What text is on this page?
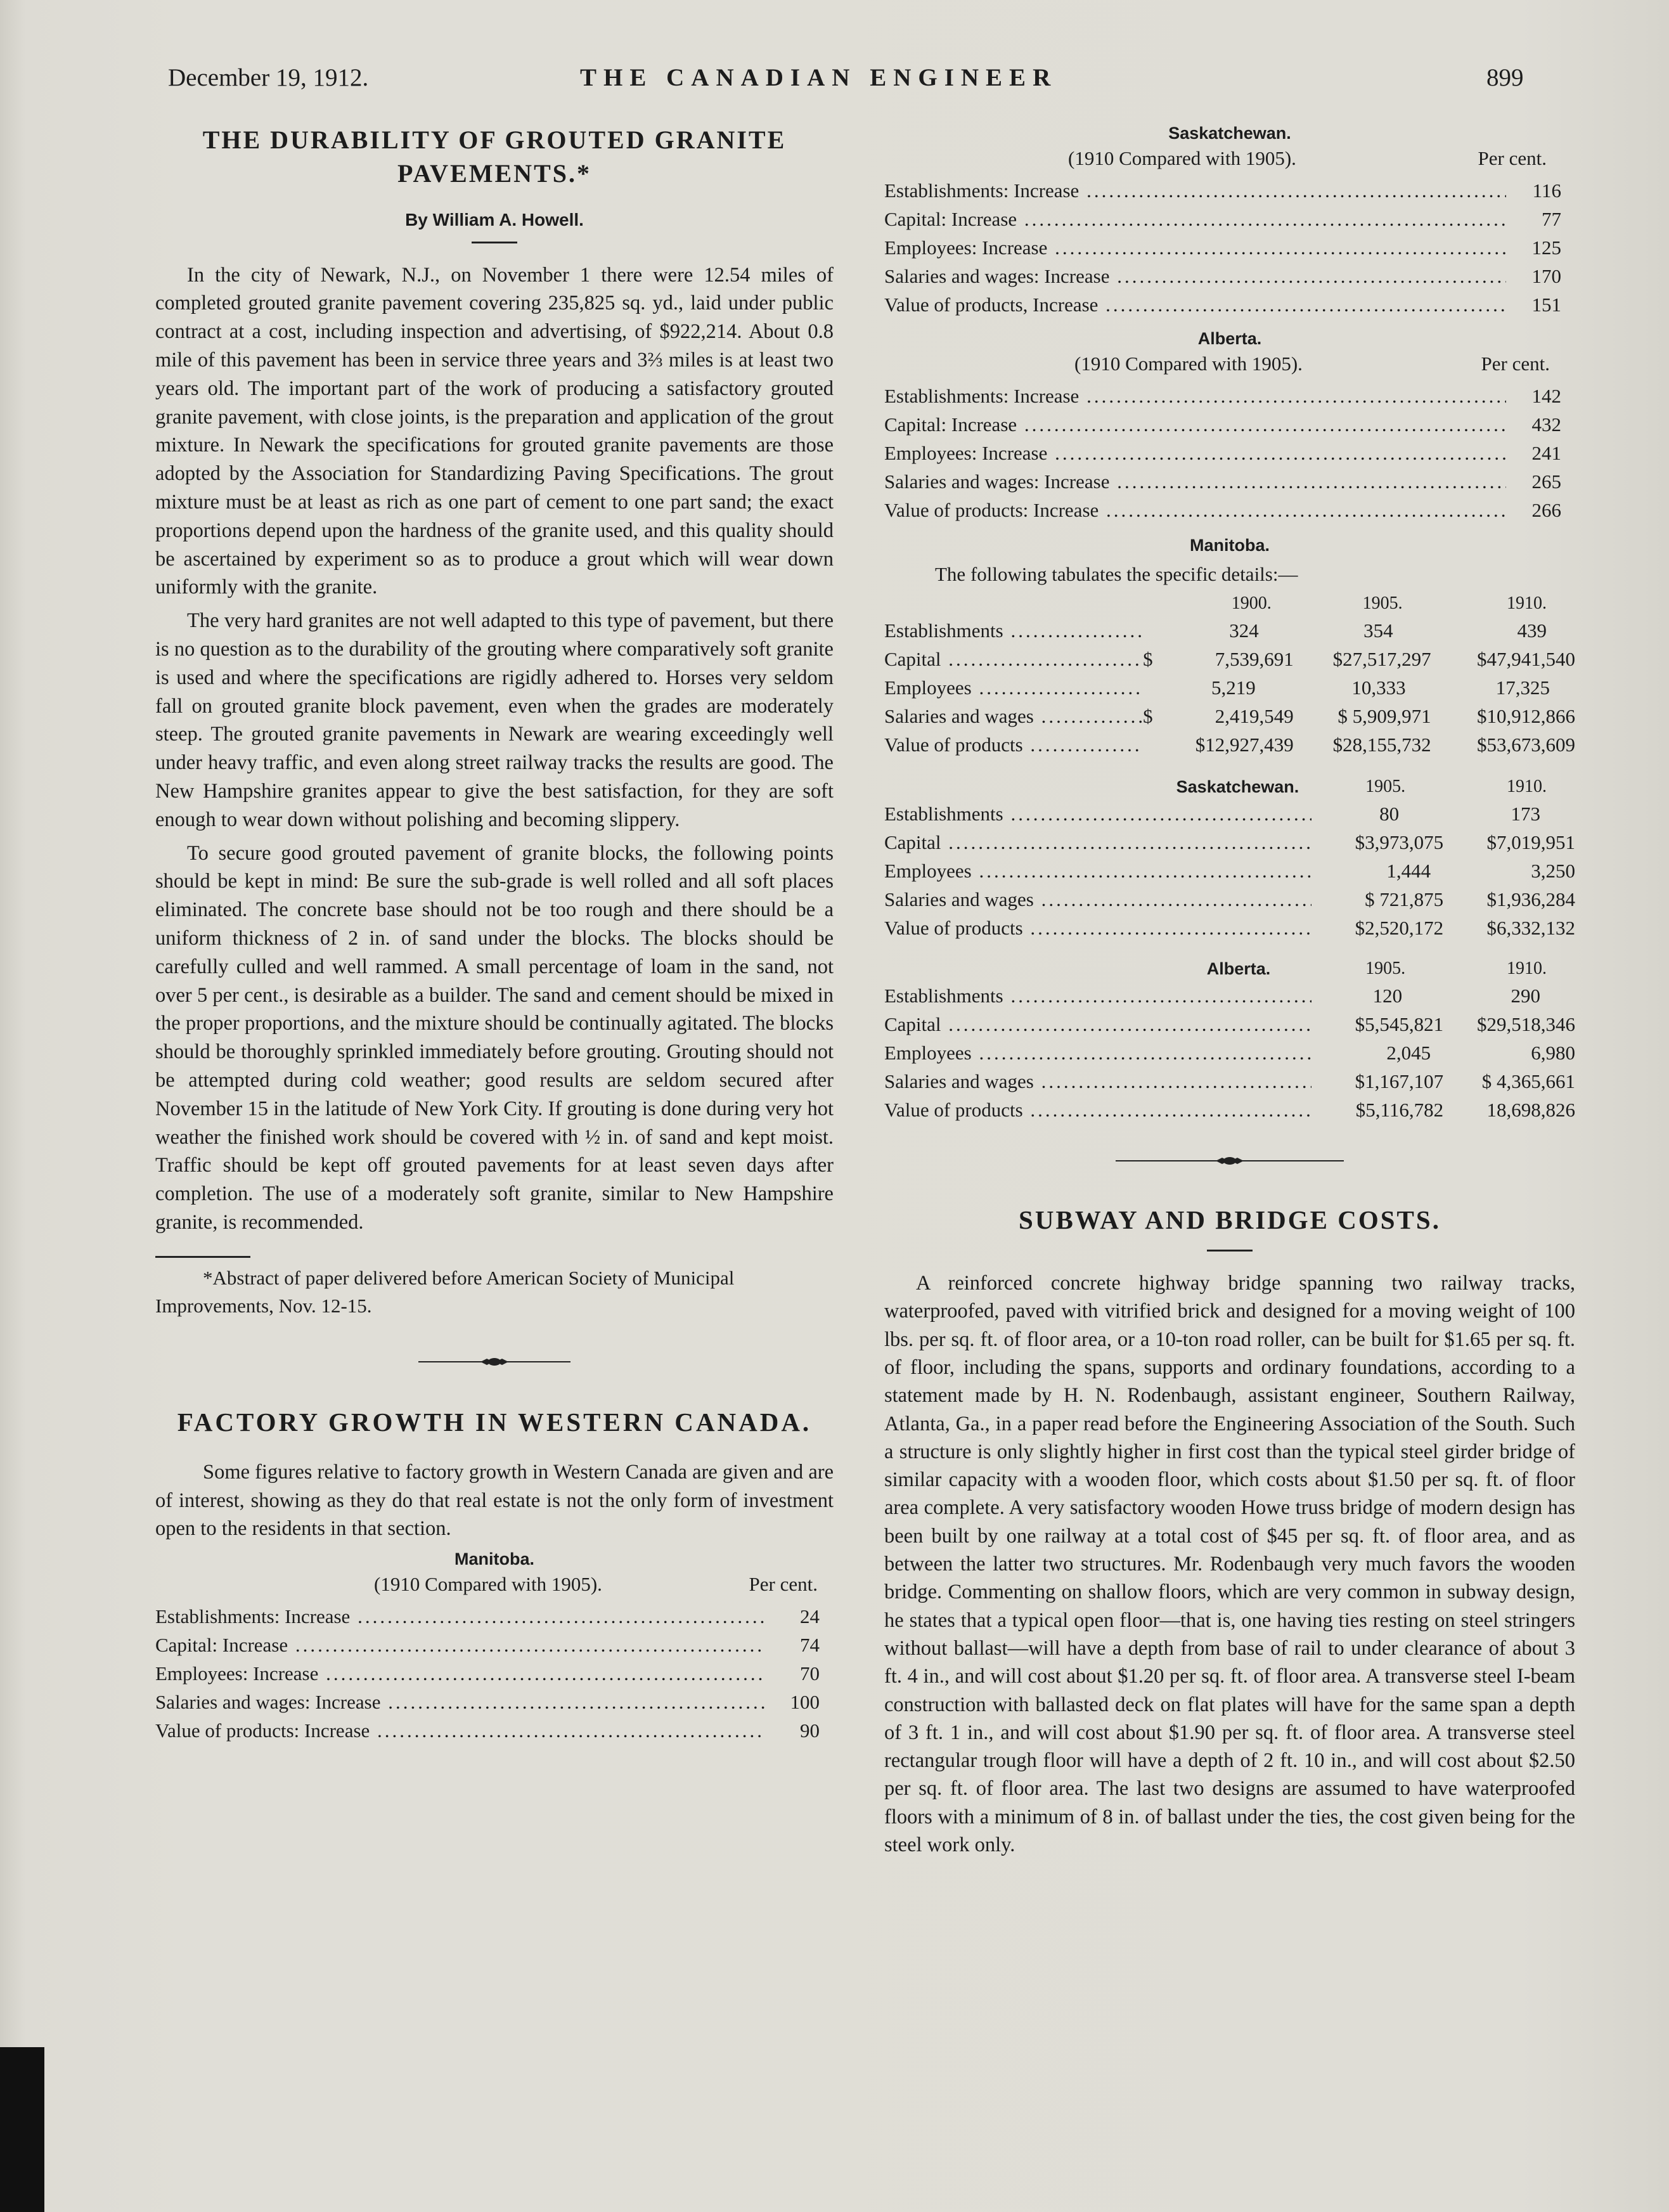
December 19, 1912.	THE CANADIAN ENGINEER	899
THE DURABILITY OF GROUTED GRANITE PAVEMENTS.*
By William A. Howell.

In the city of Newark, N.J., on November 1 there were 12.54 miles of completed grouted granite pavement covering 235,825 sq. yd., laid under public contract at a cost, including inspection and advertising, of $922,214. About 0.8 mile of this pavement has been in service three years and 3⅔ miles is at least two years old. The important part of the work of producing a satisfactory grouted granite pavement, with close joints, is the preparation and application of the grout mixture. In Newark the specifications for grouted granite pavements are those adopted by the Association for Standardizing Paving Specifications. The grout mixture must be at least as rich as one part of cement to one part sand; the exact proportions depend upon the hardness of the granite used, and this quality should be ascertained by experiment so as to produce a grout which will wear down uniformly with the granite.

The very hard granites are not well adapted to this type of pavement, but there is no question as to the durability of the grouting where comparatively soft granite is used and where the specifications are rigidly adhered to. Horses very seldom fall on grouted granite block pavement, even when the grades are moderately steep. The grouted granite pavements in Newark are wearing exceedingly well under heavy traffic, and even along street railway tracks the results are good. The New Hampshire granites appear to give the best satisfaction, for they are soft enough to wear down without polishing and becoming slippery.

To secure good grouted pavement of granite blocks, the following points should be kept in mind: Be sure the sub-grade is well rolled and all soft places eliminated. The concrete base should not be too rough and there should be a uniform thickness of 2 in. of sand under the blocks. The blocks should be carefully culled and well rammed. A small percentage of loam in the sand, not over 5 per cent., is desirable as a builder. The sand and cement should be mixed in the proper proportions, and the mixture should be continually agitated. The blocks should be thoroughly sprinkled immediately before grouting. Grouting should not be attempted during cold weather; good results are seldom secured after November 15 in the latitude of New York City. If grouting is done during very hot weather the finished work should be covered with ½ in. of sand and kept moist. Traffic should be kept off grouted pavements for at least seven days after completion. The use of a moderately soft granite, similar to New Hampshire granite, is recommended.

*Abstract of paper delivered before American Society of Municipal Improvements, Nov. 12-15.

FACTORY GROWTH IN WESTERN CANADA.

Some figures relative to factory growth in Western Canada are given and are of interest, showing as they do that real estate is not the only form of investment open to the residents in that section.

Manitoba.
(1910 Compared with 1905).	Per cent.
Establishments: Increase .....	24
Capital: Increase .....	74
Employees: Increase .....	70
Salaries and wages: Increase .....	100
Value of products: Increase .....	90
Saskatchewan.
(1910 Compared with 1905).	Per cent.
Establishments: Increase .....	116
Capital: Increase .....	77
Employees: Increase .....	125
Salaries and wages: Increase .....	170
Value of products, Increase .....	151
Alberta.
(1910 Compared with 1905).	Per cent.
Establishments: Increase .....	142
Capital: Increase .....	432
Employees: Increase .....	241
Salaries and wages: Increase .....	265
Value of products: Increase .....	266
Manitoba.

The following tabulates the specific details:—

		1900.	1905.	1910.
Establishments .....		324	354	439
Capital .....	$	7,539,691	$27,517,297	$47,941,540
Employees .....		5,219	10,333	17,325
Salaries and wages .....	$	2,419,549	$ 5,909,971	$10,912,866
Value of products .....		$12,927,439	$28,155,732	$53,673,609
Saskatchewan.	1905.	1910.
Establishments .....	80	173
Capital .....	$3,973,075	$7,019,951
Employees .....	1,444	3,250
Salaries and wages .....	$ 721,875	$1,936,284
Value of products .....	$2,520,172	$6,332,132
Alberta.	1905.	1910.
Establishments .....	120	290
Capital .....	$5,545,821	$29,518,346
Employees .....	2,045	6,980
Salaries and wages .....	$1,167,107	$ 4,365,661
Value of products .....	$5,116,782	18,698,826
SUBWAY AND BRIDGE COSTS.

A reinforced concrete highway bridge spanning two railway tracks, waterproofed, paved with vitrified brick and designed for a moving weight of 100 lbs. per sq. ft. of floor area, or a 10-ton road roller, can be built for $1.65 per sq. ft. of floor, including the spans, supports and ordinary foundations, according to a statement made by H. N. Rodenbaugh, assistant engineer, Southern Railway, Atlanta, Ga., in a paper read before the Engineering Association of the South. Such a structure is only slightly higher in first cost than the typical steel girder bridge of similar capacity with a wooden floor, which costs about $1.50 per sq. ft. of floor area complete. A very satisfactory wooden Howe truss bridge of modern design has been built by one railway at a total cost of $45 per sq. ft. of floor area, and as between the latter two structures. Mr. Rodenbaugh very much favors the wooden bridge. Commenting on shallow floors, which are very common in subway design, he states that a typical open floor—that is, one having ties resting on steel stringers without ballast—will have a depth from base of rail to under clearance of about 3 ft. 4 in., and will cost about $1.20 per sq. ft. of floor area. A transverse steel I-beam construction with ballasted deck on flat plates will have for the same span a depth of 3 ft. 1 in., and will cost about $1.90 per sq. ft. of floor area. A transverse steel rectangular trough floor will have a depth of 2 ft. 10 in., and will cost about $2.50 per sq. ft. of floor area. The last two designs are assumed to have waterproofed floors with a minimum of 8 in. of ballast under the ties, the cost given being for the steel work only.
